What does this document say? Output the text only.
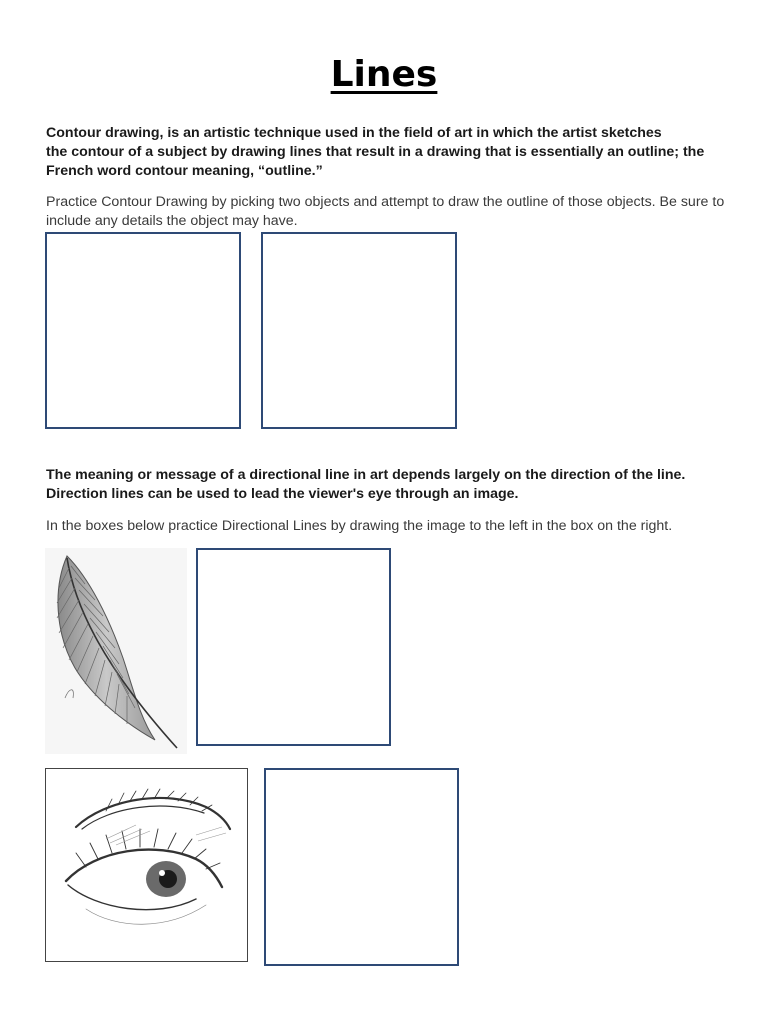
Lines
Contour drawing, is an artistic technique used in the field of art in which the artist sketches
the contour of a subject by drawing lines that result in a drawing that is essentially an outline; the
French word contour meaning, “outline.”
Practice Contour Drawing by picking two objects and attempt to draw the outline of those objects. Be sure to
include any details the object may have.
The meaning or message of a directional line in art depends largely on the direction of the line.
Direction lines can be used to lead the viewer's eye through an image.
In the boxes below practice Directional Lines by drawing the image to the left in the box on the right.
